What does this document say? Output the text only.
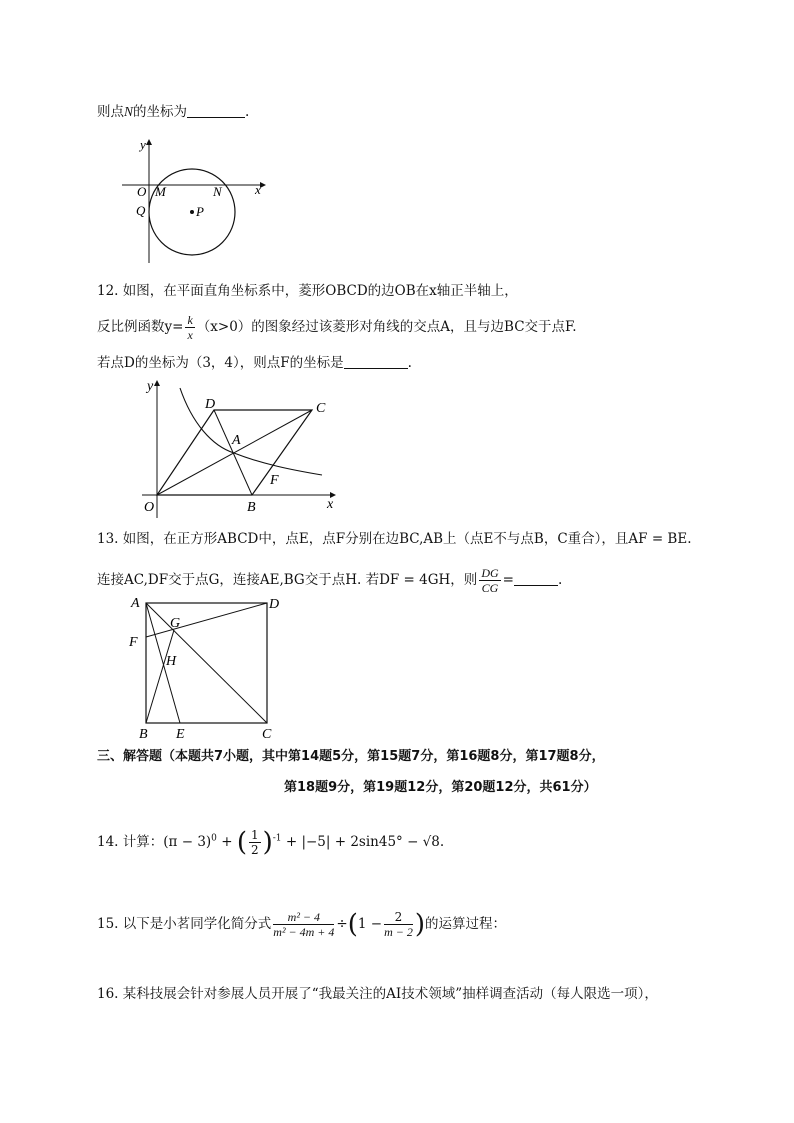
则点N的坐标为	.
y
x
O M	N
Q	P
12. 如图，在平面直角坐标系中，菱形OBCD的边OB在x轴正半轴上，
反比例函数$y= \frac{k}{x} (x>0)$的图象经过该菱形对角线的交点A，且与边BC交于点F.
若点D的坐标为（3，4），则点F的坐标是	.
y
x
O	B
C
D
A
F
13. 如图，在正方形ABCD中，点E，点F分别在边BC,AB上（点E不与点B，C重合），且AF = BE.
连接AC,DF交于点G，连接AE,BG交于点H. 若DF = 4GH，则 $\frac{DG}{CG}$ =	.
A	D
C
B E
F
G
H
三、解答题（本题共7小题，其中第14题5分，第15题7分，第16题8分，第17题8分，
第18题9分，第19题12分，第20题12分，共61分）
14. 计算：$(\pi - 3)^0$ + ( $\frac{1}{2} )^{-1} + |-5| + 2\sin 45^\circ - √8$.
15. 以下是小茗同学化简分式 $\frac{\text{m² − 4}}{\text{m² − 4m + 4}} \div(1 - \frac{2}{m - 2}$ )的运算过程：
16. 某科技展会针对参展人员开展了“我最关注的AI技术领域”抽样调查活动（每人限选一项），
